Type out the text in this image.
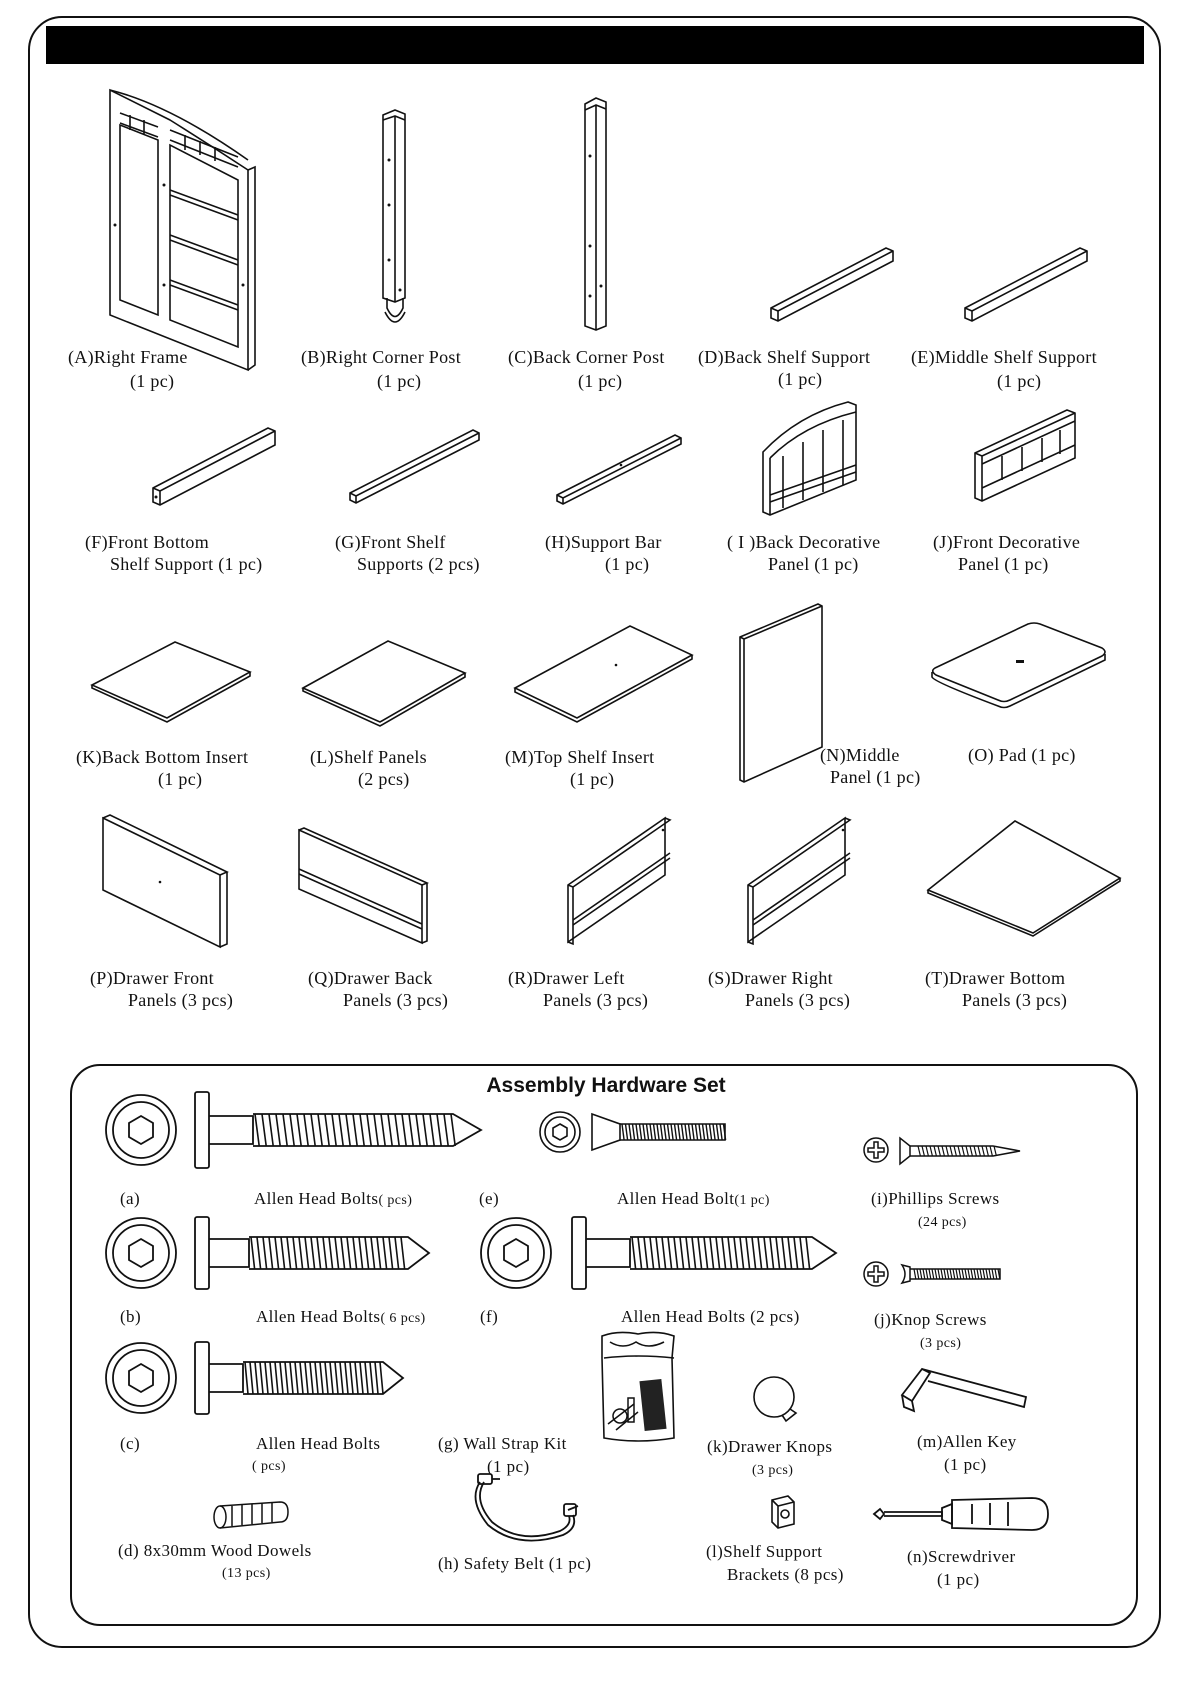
(A)Right Frame
(1 pc)
(B)Right Corner Post
(1 pc)
(C)Back Corner Post
(1 pc)
(D)Back Shelf Support
(1 pc)
(E)Middle Shelf Support
(1 pc)
(F)Front Bottom
Shelf Support (1 pc)
(G)Front Shelf
Supports (2 pcs)
(H)Support Bar
(1 pc)
( I )Back Decorative
Panel (1 pc)
(J)Front Decorative
Panel (1 pc)
(K)Back Bottom Insert
(1 pc)
(L)Shelf Panels
(2 pcs)
(M)Top Shelf Insert
(1 pc)
(N)Middle
Panel (1 pc)
(O) Pad (1 pc)
(P)Drawer Front
Panels (3 pcs)
(Q)Drawer Back
Panels (3 pcs)
(R)Drawer Left
Panels (3 pcs)
(S)Drawer Right
Panels (3 pcs)
(T)Drawer Bottom
Panels (3 pcs)
Assembly Hardware Set
(a)	Allen Head Bolts( pcs)
(b)	Allen Head Bolts( 6 pcs)
(c)	Allen Head Bolts
( pcs)
(d) 8x30mm Wood Dowels
(13 pcs)
(e)	Allen Head Bolt(1 pc)
(f)	Allen Head Bolts (2 pcs)
(g) Wall Strap Kit
(1 pc)
(h) Safety Belt (1 pc)
(i)Phillips Screws
(24 pcs)
(j)Knop Screws
(3 pcs)
(k)Drawer Knops
(3 pcs)
(l)Shelf Support
Brackets (8 pcs)
(m)Allen Key
(1 pc)
(n)Screwdriver
(1 pc)
